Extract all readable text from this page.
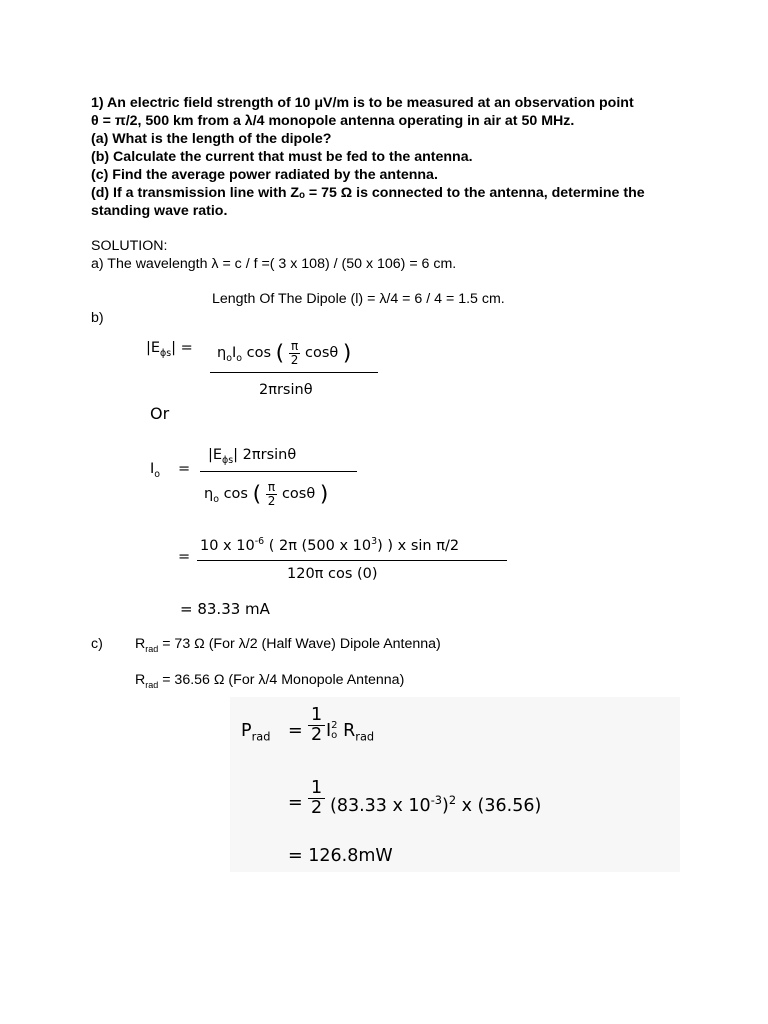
1) An electric field strength of 10 μV/m is to be measured at an observation point
θ = π/2, 500 km from a λ/4 monopole antenna operating in air at 50 MHz.
(a) What is the length of the dipole?
(b) Calculate the current that must be fed to the antenna.
(c) Find the average power radiated by the antenna.
(d) If a transmission line with Zₒ = 75 Ω is connected to the antenna, determine the
standing wave ratio.
SOLUTION:
a) The wavelength λ = c / f =( 3 x 108) / (50 x 106) = 6 cm.
Length Of The Dipole (l) = λ/4 = 6 / 4 = 1.5 cm.
b)
$|E_{\phi s}| = \eta_oI_o$ cos ( $\frac{\pi}{2}$ cosθ )
2πrsinθ
Or
$I_o$ =
$|E_{\phi s}|$ 2πrsinθ
$\eta_o$ cos ( $\frac{\pi}{2}$ cosθ )
=
10 x $10^{-6}$ ( 2π (500 x $10^3$) ) x sin π/2
120π cos (0)
= 83.33 mA
c) $R_{rad} = 73$ Ω (For λ/2 (Half Wave) Dipole Antenna)
$R_{rad} = 36.56$ Ω (For λ/4 Monopole Antenna)
$P_{rad}$ =
1
2 I 2
o $R_{rad}$
=
1
2 (83.33 x $10^{-3})^2$ x (36.56)
= 126.8mW
